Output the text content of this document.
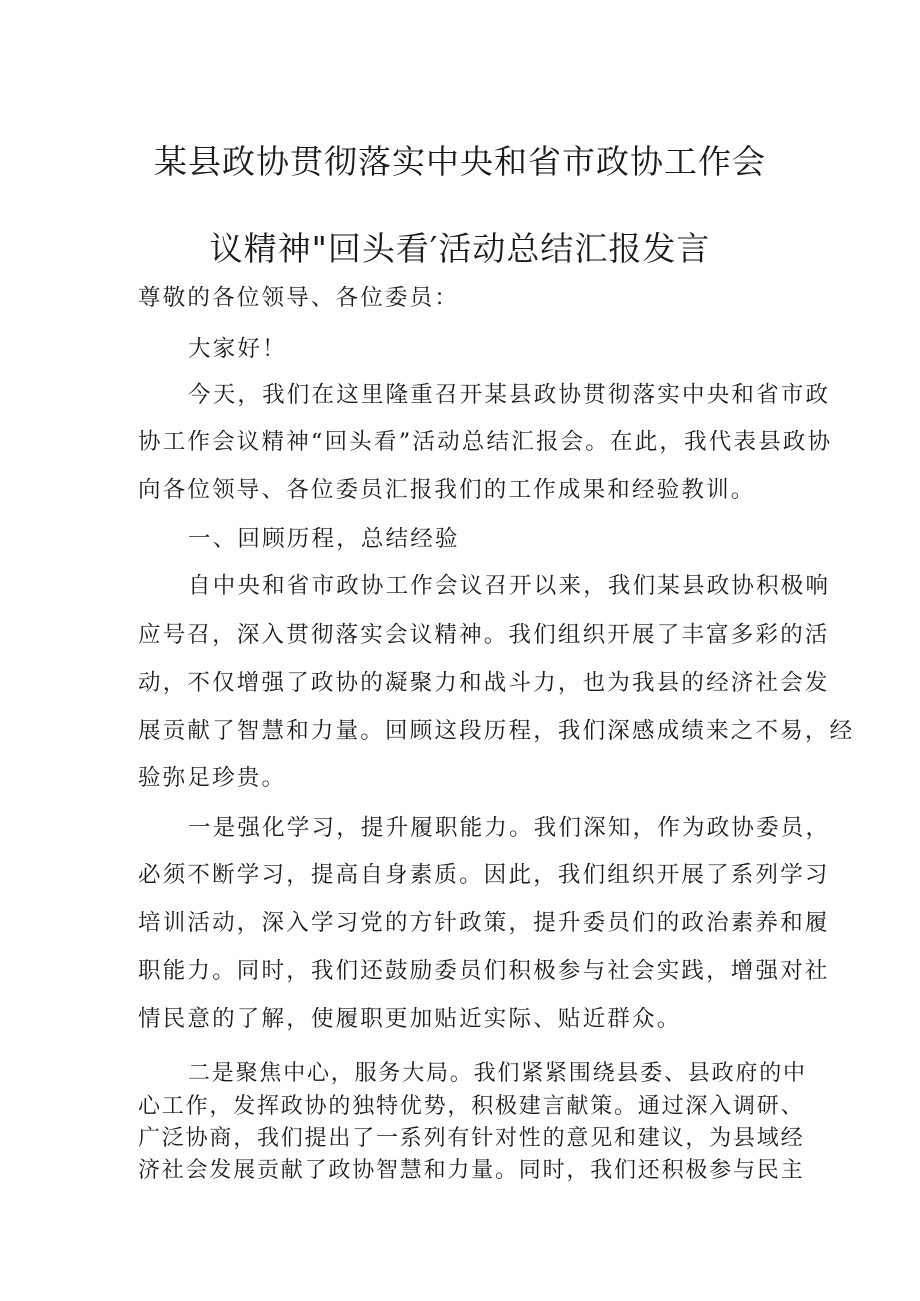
某县政协贯彻落实中央和省市政协工作会
议精神"回头看′活动总结汇报发言
尊敬的各位领导、各位委员：
大家好！
今天，我们在这里隆重召开某县政协贯彻落实中央和省市政
协工作会议精神“回头看”活动总结汇报会。在此，我代表县政协
向各位领导、各位委员汇报我们的工作成果和经验教训。
一、回顾历程，总结经验
自中央和省市政协工作会议召开以来，我们某县政协积极响
应号召，深入贯彻落实会议精神。我们组织开展了丰富多彩的活
动，不仅增强了政协的凝聚力和战斗力，也为我县的经济社会发
展贡献了智慧和力量。回顾这段历程，我们深感成绩来之不易，经
验弥足珍贵。
一是强化学习，提升履职能力。我们深知，作为政协委员，
必须不断学习，提高自身素质。因此，我们组织开展了系列学习
培训活动，深入学习党的方针政策，提升委员们的政治素养和履
职能力。同时，我们还鼓励委员们积极参与社会实践，增强对社
情民意的了解，使履职更加贴近实际、贴近群众。
二是聚焦中心，服务大局。我们紧紧围绕县委、县政府的中
心工作，发挥政协的独特优势，积极建言献策。通过深入调研、
广泛协商，我们提出了一系列有针对性的意见和建议，为县域经
济社会发展贡献了政协智慧和力量。同时，我们还积极参与民主
